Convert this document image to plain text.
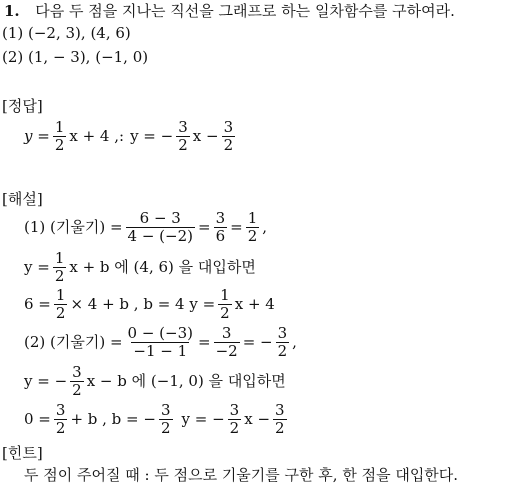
1. 다음 두 점을 지나는 직선을 그래프로 하는 일차함수를 구하여라.
(1) (−2, 3), (4, 6)
(2) (1, − 3), (−1, 0)
[정답]
$y = \frac{1}{2}$ x + 4 ,: y = − $\frac{3}{2}$ $x - \frac{3}{2}$
[해설]
(1) (기울기) = $\frac{6 - 3}{4 - (-2)} = \frac{3}{6} = \frac{1}{2}$ ,
$y = \frac{1}{2}$ x + b 에 (4, 6) 을 대입하면
$6 = \frac{1}{2} \times 4 + b$ , b = 4 $y = \frac{1}{2}$ x + 4
(2) (기울기) = $\frac{0 - (-3)}{-1 - 1} = \frac{3}{-2}$ = − $\frac{3}{2}$ ,
y = − $\frac{3}{2}$ x − b 에 (−1, 0) 을 대입하면
$0 = \frac{3}{2} + b$ , b = − $\frac{3}{2}$ y = − $\frac{3}{2}$ $x - \frac{3}{2}$
[힌트]
두 점이 주어질 때 : 두 점으로 기울기를 구한 후, 한 점을 대입한다.
